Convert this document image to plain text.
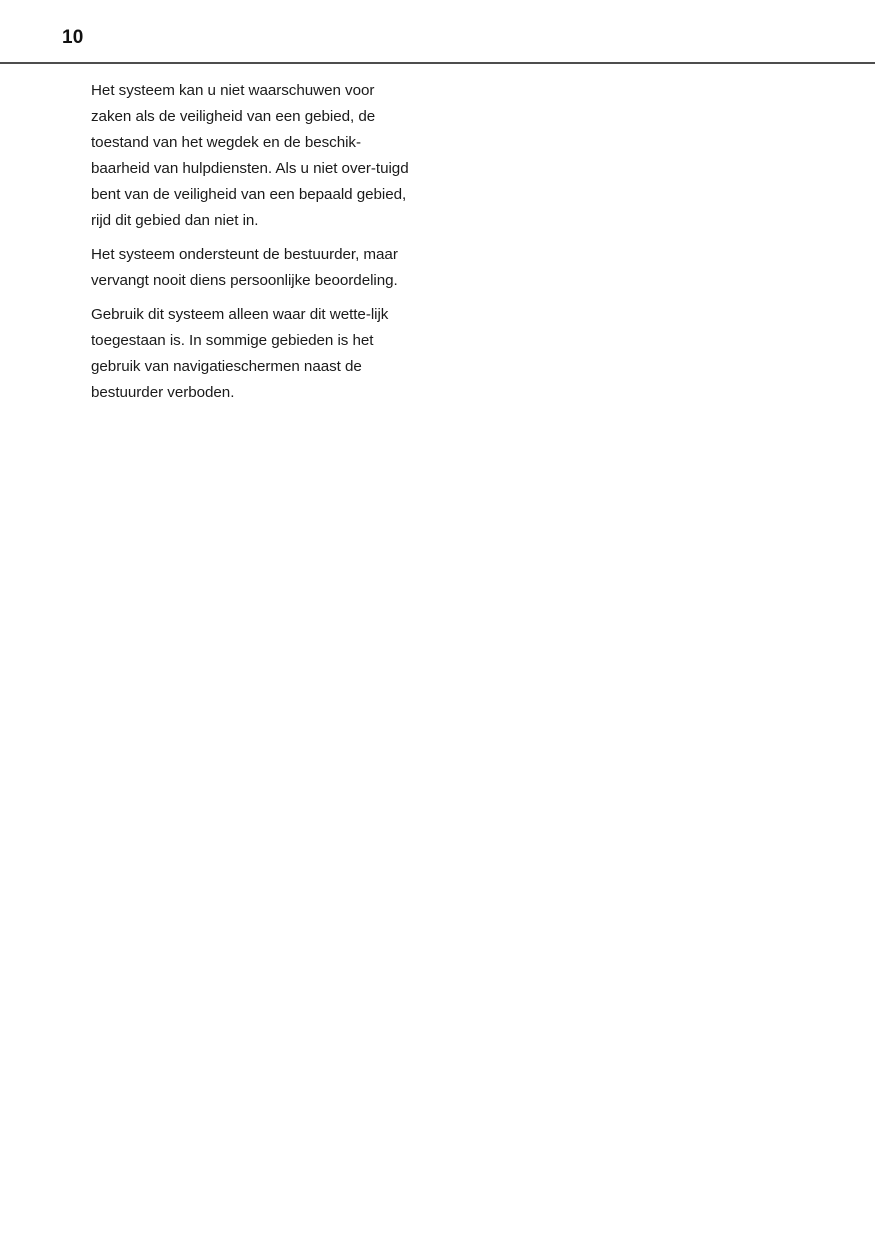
10

Het systeem kan u niet waarschuwen voor zaken als de veiligheid van een gebied, de toestand van het wegdek en de beschik-baarheid van hulpdiensten. Als u niet over-tuigd bent van de veiligheid van een bepaald gebied, rijd dit gebied dan niet in.

Het systeem ondersteunt de bestuurder, maar vervangt nooit diens persoonlijke beoordeling.

Gebruik dit systeem alleen waar dit wette-lijk toegestaan is. In sommige gebieden is het gebruik van navigatieschermen naast de bestuurder verboden.
